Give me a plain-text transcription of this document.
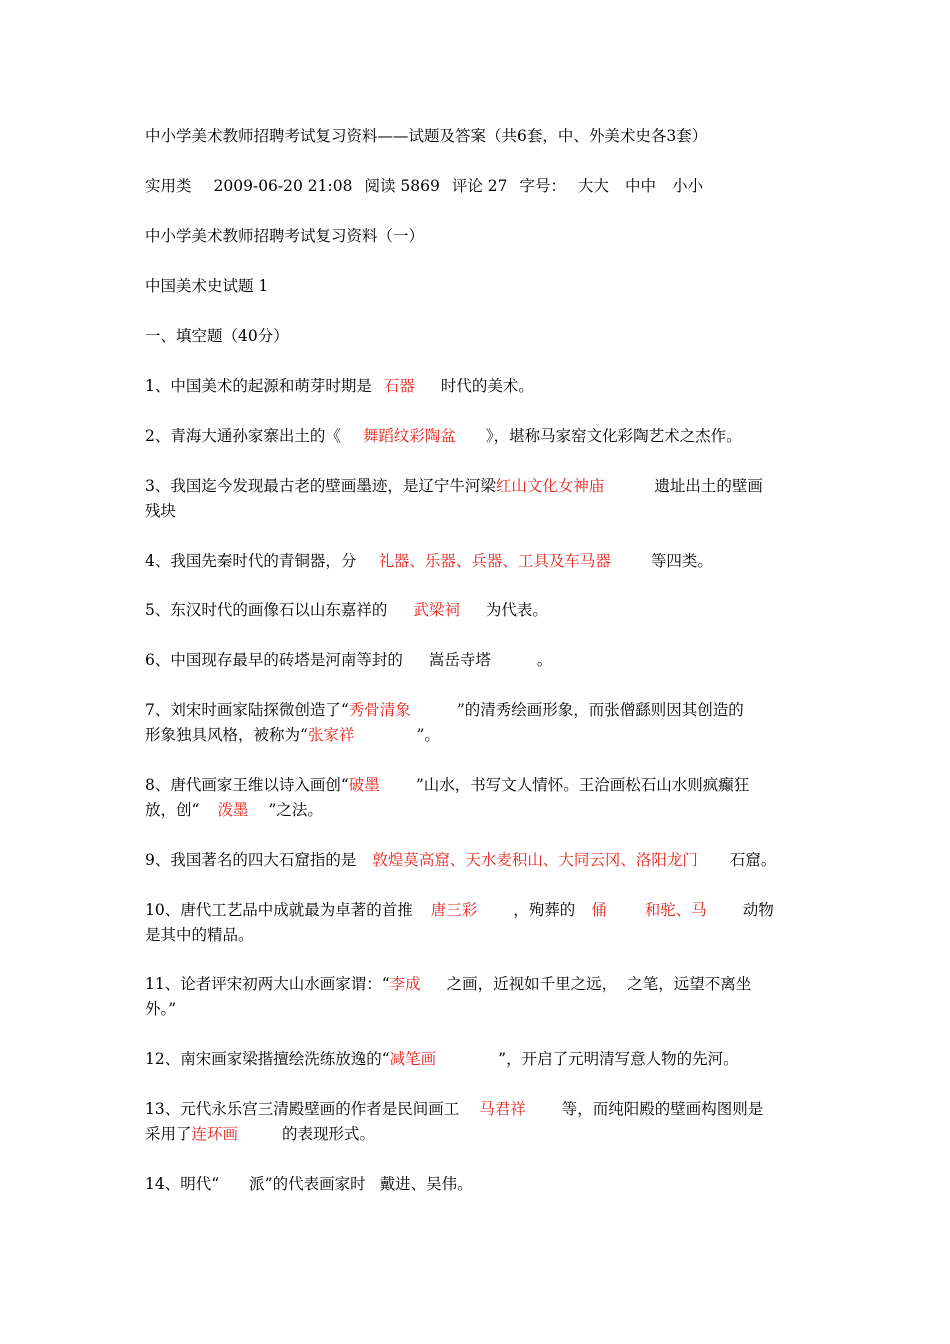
中小学美术教师招聘考试复习资料——试题及答案（共6套，中、外美术史各3套）
实用类 2009-06-20 21:08 阅读 5869 评论 27 字号： 大大 中中 小小
中小学美术教师招聘考试复习资料（一）
中国美术史试题 1
一、填空题（40分）
1、中国美术的起源和萌芽时期是 石器 时代的美术。
2、青海大通孙家寨出土的《 舞蹈纹彩陶盆 》，堪称马家窑文化彩陶艺术之杰作。
3、我国迄今发现最古老的壁画墨迹，是辽宁牛河梁红山文化女神庙	遗址出土的壁画
残块
4、我国先秦时代的青铜器，分 礼器、乐器、兵器、工具及车马器	等四类。
5、东汉时代的画像石以山东嘉祥的 武梁祠 为代表。
6、中国现存最早的砖塔是河南等封的 嵩岳寺塔	。
7、刘宋时画家陆探微创造了“秀骨清象	”的清秀绘画形象，而张僧繇则因其创造的
形象独具风格，被称为“张家祥	”。
8、唐代画家王维以诗入画创“破墨 ”山水，书写文人情怀。王洽画松石山水则疯癫狂
放，创“ 泼墨 ”之法。
9、我国著名的四大石窟指的是 敦煌莫高窟、天水麦积山、大同云冈、洛阳龙门 石窟。
10、唐代工艺品中成就最为卓著的首推 唐三彩 ，殉葬的 俑 和驼、马 动物
是其中的精品。
11、论者评宋初两大山水画家谓：“李成 之画，近视如千里之远， 之笔，远望不离坐
外。”
12、南宋画家梁揩擅绘洗练放逸的“减笔画	”，开启了元明清写意人物的先河。
13、元代永乐宫三清殿壁画的作者是民间画工 马君祥 等，而纯阳殿的壁画构图则是
采用了连环画	的表现形式。
14、明代“ 派”的代表画家时 戴进、吴伟。
